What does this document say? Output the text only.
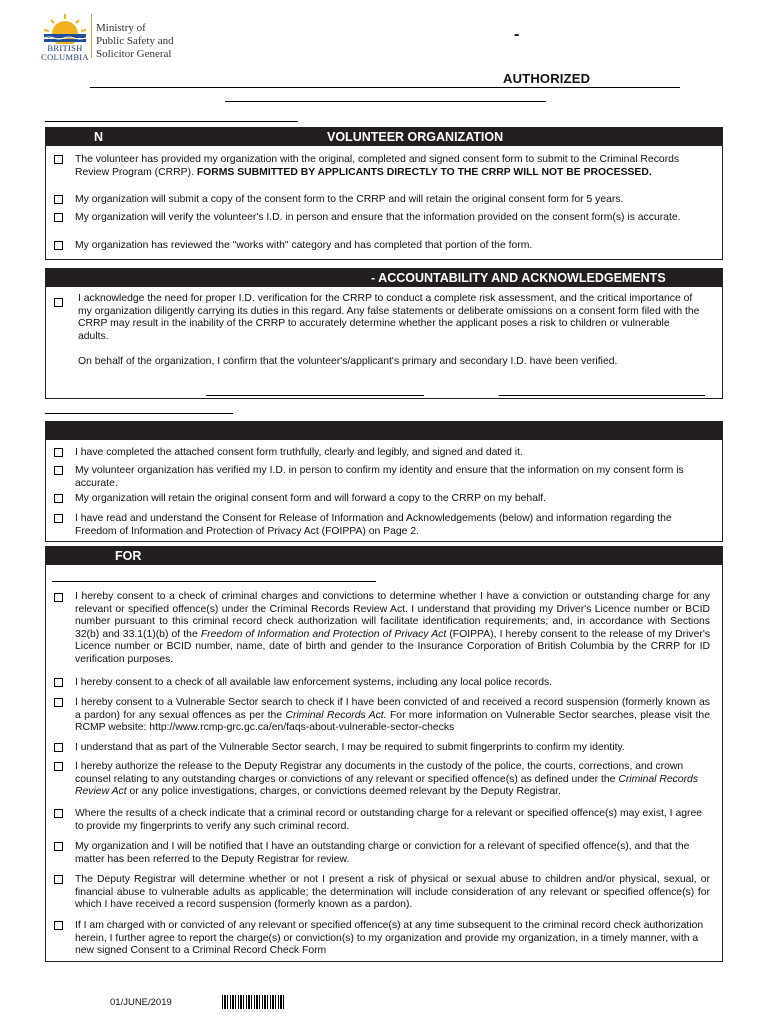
BRITISH
COLUMBIA
Ministry of
Public Safety and
Solicitor General
-
AUTHORIZED
N	VOLUNTEER ORGANIZATION
The volunteer has provided my organization with the original, completed and signed consent form to submit to the Criminal Records Review Program (CRRP). FORMS SUBMITTED BY APPLICANTS DIRECTLY TO THE CRRP WILL NOT BE PROCESSED.
My organization will submit a copy of the consent form to the CRRP and will retain the original consent form for 5 years.
My organization will verify the volunteer's I.D. in person and ensure that the information provided on the consent form(s) is accurate.
My organization has reviewed the "works with" category and has completed that portion of the form.
- ACCOUNTABILITY AND ACKNOWLEDGEMENTS
I acknowledge the need for proper I.D. verification for the CRRP to conduct a complete risk assessment, and the critical importance of my organization diligently carrying its duties in this regard. Any false statements or deliberate omissions on a consent form filed with the CRRP may result in the inability of the CRRP to accurately determine whether the applicant poses a risk to children or vulnerable adults.
On behalf of the organization, I confirm that the volunteer's/applicant's primary and secondary I.D. have been verified.
I have completed the attached consent form truthfully, clearly and legibly, and signed and dated it.
My volunteer organization has verified my I.D. in person to confirm my identity and ensure that the information on my consent form is accurate.
My organization will retain the original consent form and will forward a copy to the CRRP on my behalf.
I have read and understand the Consent for Release of Information and Acknowledgements (below) and information regarding the Freedom of Information and Protection of Privacy Act (FOIPPA) on Page 2.
FOR
I hereby consent to a check of criminal charges and convictions to determine whether I have a conviction or outstanding charge for any relevant or specified offence(s) under the Criminal Records Review Act. I understand that providing my Driver's Licence number or BCID number pursuant to this criminal record check authorization will facilitate identification requirements; and, in accordance with Sections 32(b) and 33.1(1)(b) of the Freedom of Information and Protection of Privacy Act (FOIPPA), I hereby consent to the release of my Driver's Licence number or BCID number, name, date of birth and gender to the Insurance Corporation of British Columbia by the CRRP for ID verification purposes.
I hereby consent to a check of all available law enforcement systems, including any local police records.
I hereby consent to a Vulnerable Sector search to check if I have been convicted of and received a record suspension (formerly known as a pardon) for any sexual offences as per the Criminal Records Act. For more information on Vulnerable Sector searches, please visit the RCMP website: http://www.rcmp-grc.gc.ca/en/faqs-about-vulnerable-sector-checks
I understand that as part of the Vulnerable Sector search, I may be required to submit fingerprints to confirm my identity.
I hereby authorize the release to the Deputy Registrar any documents in the custody of the police, the courts, corrections, and crown counsel relating to any outstanding charges or convictions of any relevant or specified offence(s) as defined under the Criminal Records Review Act or any police investigations, charges, or convictions deemed relevant by the Deputy Registrar.
Where the results of a check indicate that a criminal record or outstanding charge for a relevant or specified offence(s) may exist, I agree to provide my fingerprints to verify any such criminal record.
My organization and I will be notified that I have an outstanding charge or conviction for a relevant of specified offence(s), and that the matter has been referred to the Deputy Registrar for review.
The Deputy Registrar will determine whether or not I present a risk of physical or sexual abuse to children and/or physical, sexual, or financial abuse to vulnerable adults as applicable; the determination will include consideration of any relevant or specified offence(s) for which I have received a record suspension (formerly known as a pardon).
If I am charged with or convicted of any relevant or specified offence(s) at any time subsequent to the criminal record check authorization herein, I further agree to report the charge(s) or conviction(s) to my organization and provide my organization, in a timely manner, with a new signed Consent to a Criminal Record Check Form
01/JUNE/2019
